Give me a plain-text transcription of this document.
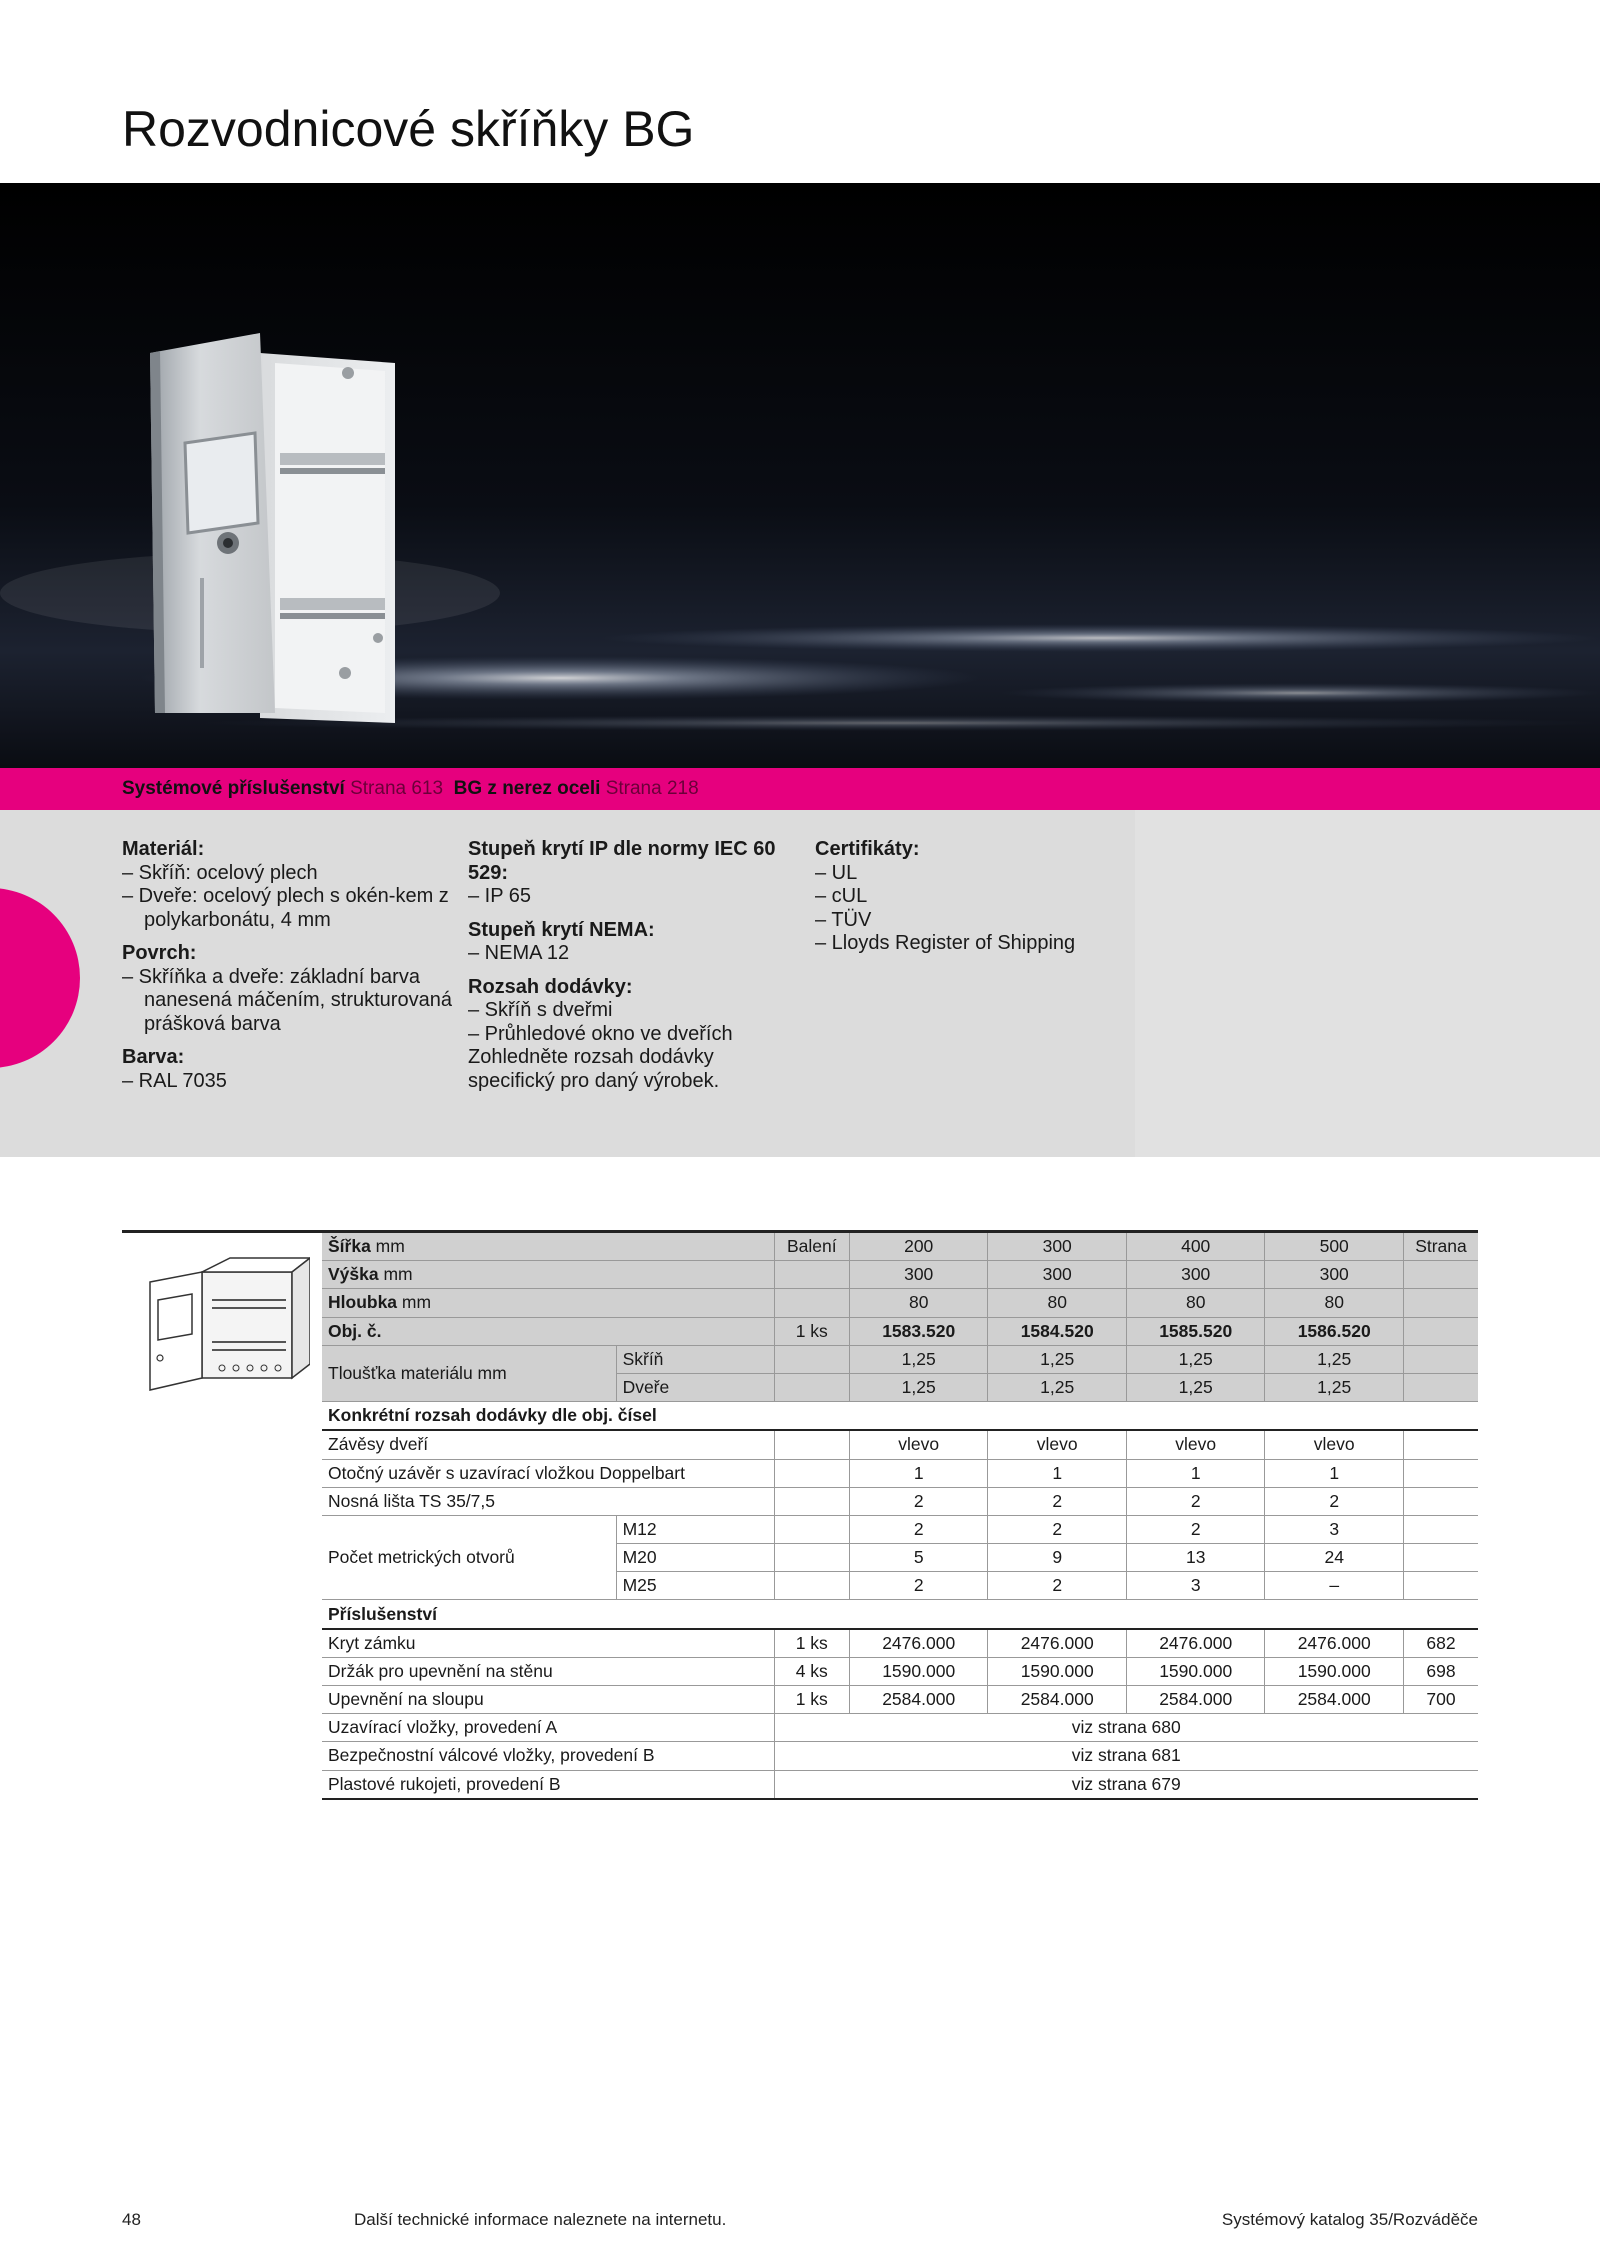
Rozvodnicové skříňky BG
Systémové příslušenství Strana 613 BG z nerez oceli Strana 218

Materiál:

– Skříň: ocelový plech

– Dveře: ocelový plech s okén-kem z polykarbonátu, 4 mm

Povrch:

– Skříňka a dveře: základní barva nanesená máčením, strukturovaná prášková barva

Barva:

– RAL 7035

Stupeň krytí IP dle normy IEC 60 529:

– IP 65

Stupeň krytí NEMA:

– NEMA 12

Rozsah dodávky:

– Skříň s dveřmi

– Průhledové okno ve dveřích

Zohledněte rozsah dodávky specifický pro daný výrobek.

Certifikáty:

– UL

– cUL

– TÜV

– Lloyds Register of Shipping

Šířka mm		Balení	200	300	400	500	Strana
Výška mm			300	300	300	300	
Hloubka mm			80	80	80	80	
Obj. č.		1 ks	1583.520	1584.520	1585.520	1586.520	
Tloušťka materiálu mm	Skříň		1,25	1,25	1,25	1,25	
	Dveře		1,25	1,25	1,25	1,25	
Konkrétní rozsah dodávky dle obj. čísel							
Závěsy dveří			vlevo	vlevo	vlevo	vlevo	
Otočný uzávěr s uzavírací vložkou Doppelbart			1	1	1	1	
Nosná lišta TS 35/7,5			2	2	2	2	
Počet metrických otvorů	M12		2	2	2	3	
	M20		5	9	13	24	
	M25		2	2	3	–	
Příslušenství							
Kryt zámku		1 ks	2476.000	2476.000	2476.000	2476.000	682
Držák pro upevnění na stěnu		4 ks	1590.000	1590.000	1590.000	1590.000	698
Upevnění na sloupu		1 ks	2584.000	2584.000	2584.000	2584.000	700
Uzavírací vložky, provedení A		viz strana 680					
Bezpečnostní válcové vložky, provedení B		viz strana 681					
Plastové rukojeti, provedení B		viz strana 679					
48	Další technické informace naleznete na internetu.	Systémový katalog 35/Rozváděče
